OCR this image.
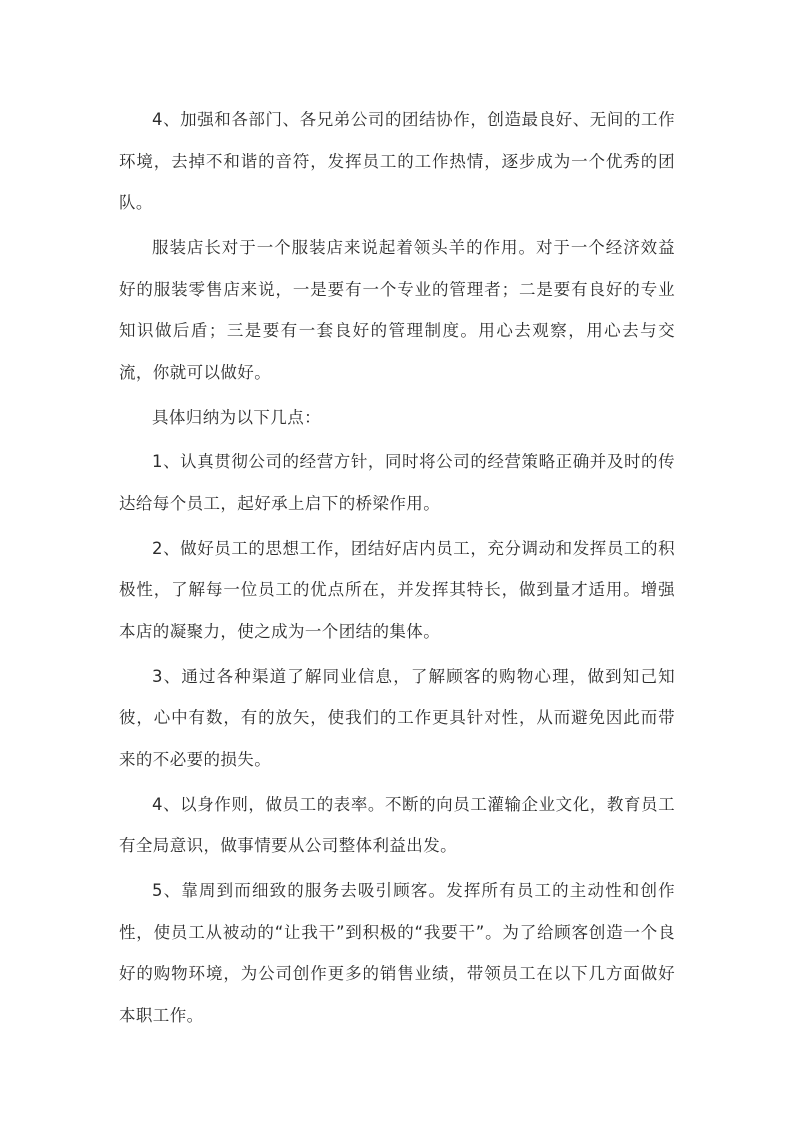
4、加强和各部门、各兄弟公司的团结协作，创造最良好、无间的工作环境，去掉不和谐的音符，发挥员工的工作热情，逐步成为一个优秀的团队。

服装店长对于一个服装店来说起着领头羊的作用。对于一个经济效益好的服装零售店来说，一是要有一个专业的管理者；二是要有良好的专业知识做后盾；三是要有一套良好的管理制度。用心去观察，用心去与交流，你就可以做好。

具体归纳为以下几点：

1、认真贯彻公司的经营方针，同时将公司的经营策略正确并及时的传达给每个员工，起好承上启下的桥梁作用。

2、做好员工的思想工作，团结好店内员工，充分调动和发挥员工的积极性，了解每一位员工的优点所在，并发挥其特长，做到量才适用。增强本店的凝聚力，使之成为一个团结的集体。

3、通过各种渠道了解同业信息，了解顾客的购物心理，做到知己知彼，心中有数，有的放矢，使我们的工作更具针对性，从而避免因此而带来的不必要的损失。

4、以身作则，做员工的表率。不断的向员工灌输企业文化，教育员工有全局意识，做事情要从公司整体利益出发。

5、靠周到而细致的服务去吸引顾客。发挥所有员工的主动性和创作性，使员工从被动的“让我干”到积极的“我要干”。为了给顾客创造一个良好的购物环境，为公司创作更多的销售业绩，带领员工在以下几方面做好本职工作。
